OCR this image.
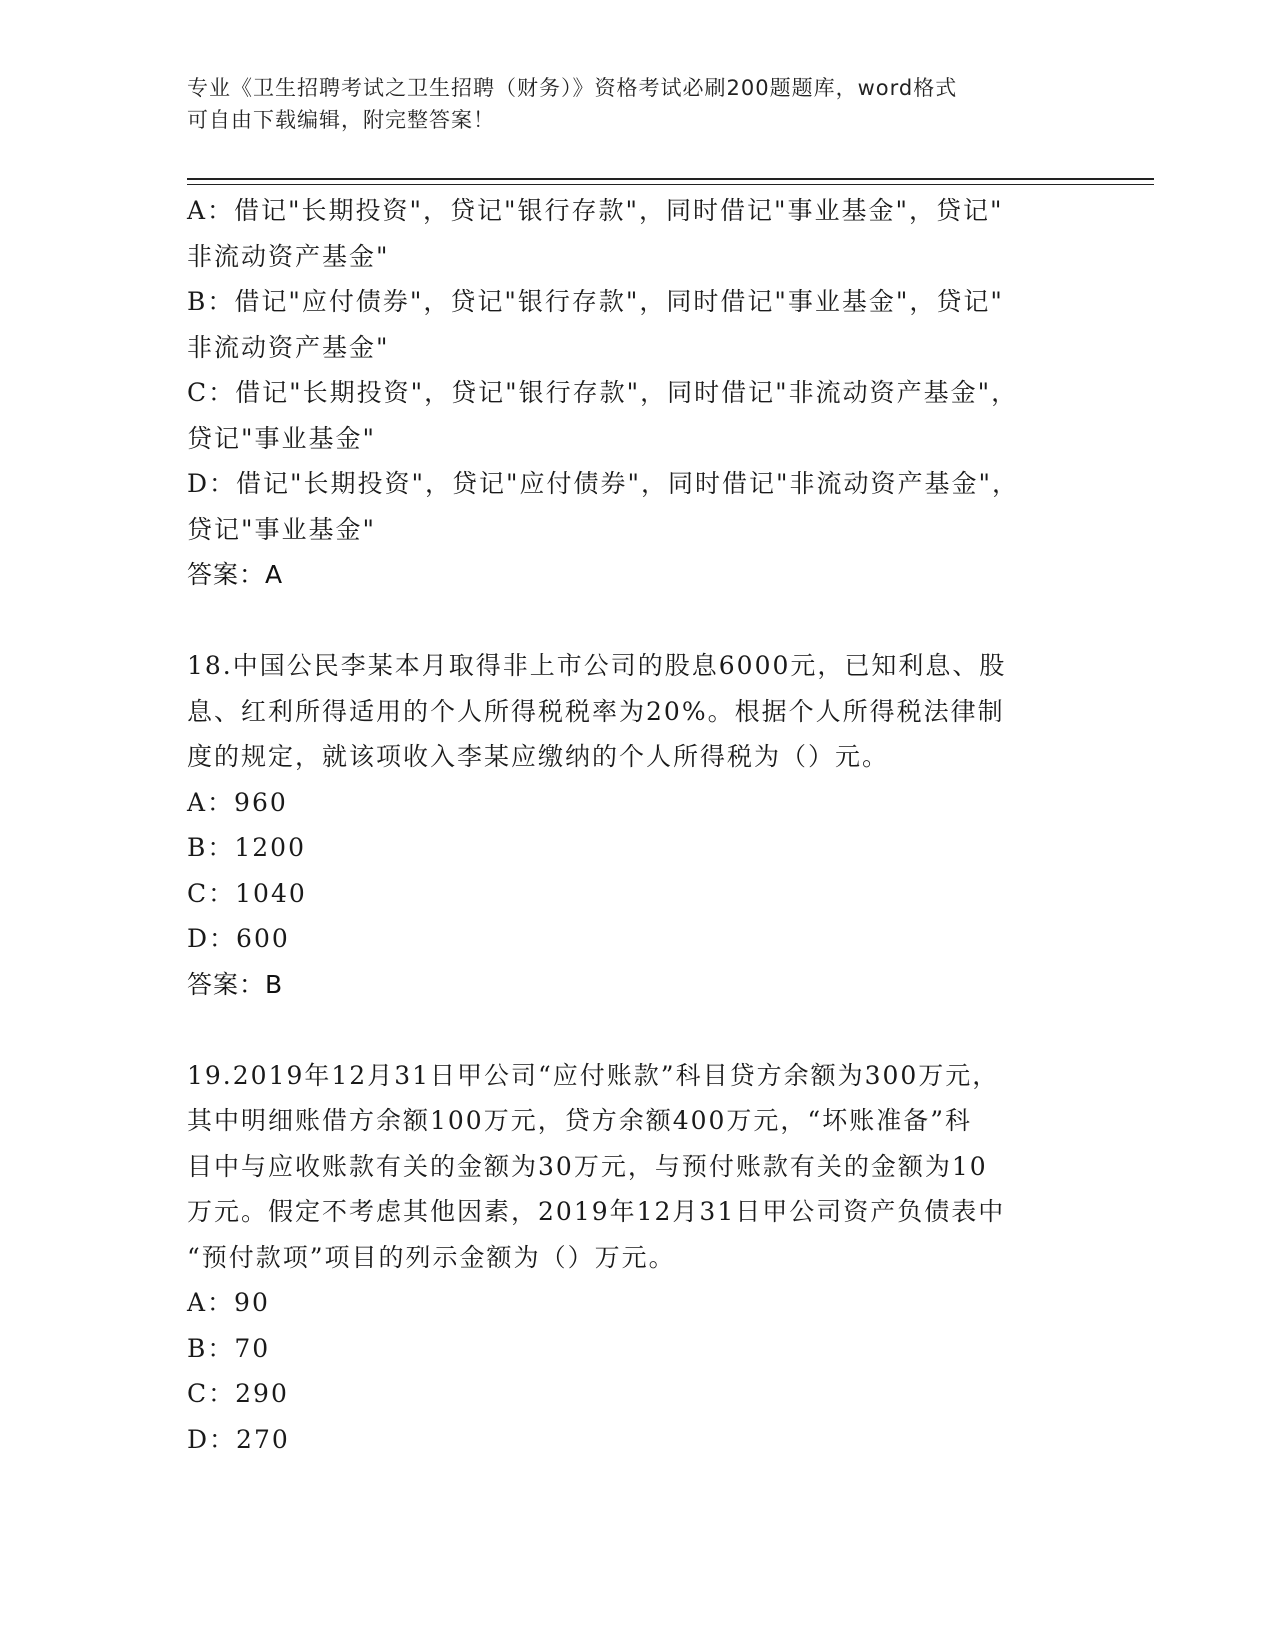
专业《卫生招聘考试之卫生招聘（财务）》资格考试必刷200题题库，word格式
可自由下载编辑，附完整答案！
A：借记"长期投资"，贷记"银行存款"，同时借记"事业基金"，贷记"
非流动资产基金"
B：借记"应付债券"，贷记"银行存款"，同时借记"事业基金"，贷记"
非流动资产基金"
C：借记"长期投资"，贷记"银行存款"，同时借记"非流动资产基金"，
贷记"事业基金"
D：借记"长期投资"，贷记"应付债券"，同时借记"非流动资产基金"，
贷记"事业基金"
答案：A
18.中国公民李某本月取得非上市公司的股息6000元，已知利息、股
息、红利所得适用的个人所得税税率为20%。根据个人所得税法律制
度的规定，就该项收入李某应缴纳的个人所得税为（）元。
A：960
B：1200
C：1040
D：600
答案：B
19.2019年12月31日甲公司“应付账款”科目贷方余额为300万元，
其中明细账借方余额100万元，贷方余额400万元，“坏账准备”科
目中与应收账款有关的金额为30万元，与预付账款有关的金额为10
万元。假定不考虑其他因素，2019年12月31日甲公司资产负债表中
“预付款项”项目的列示金额为（）万元。
A：90
B：70
C：290
D：270
